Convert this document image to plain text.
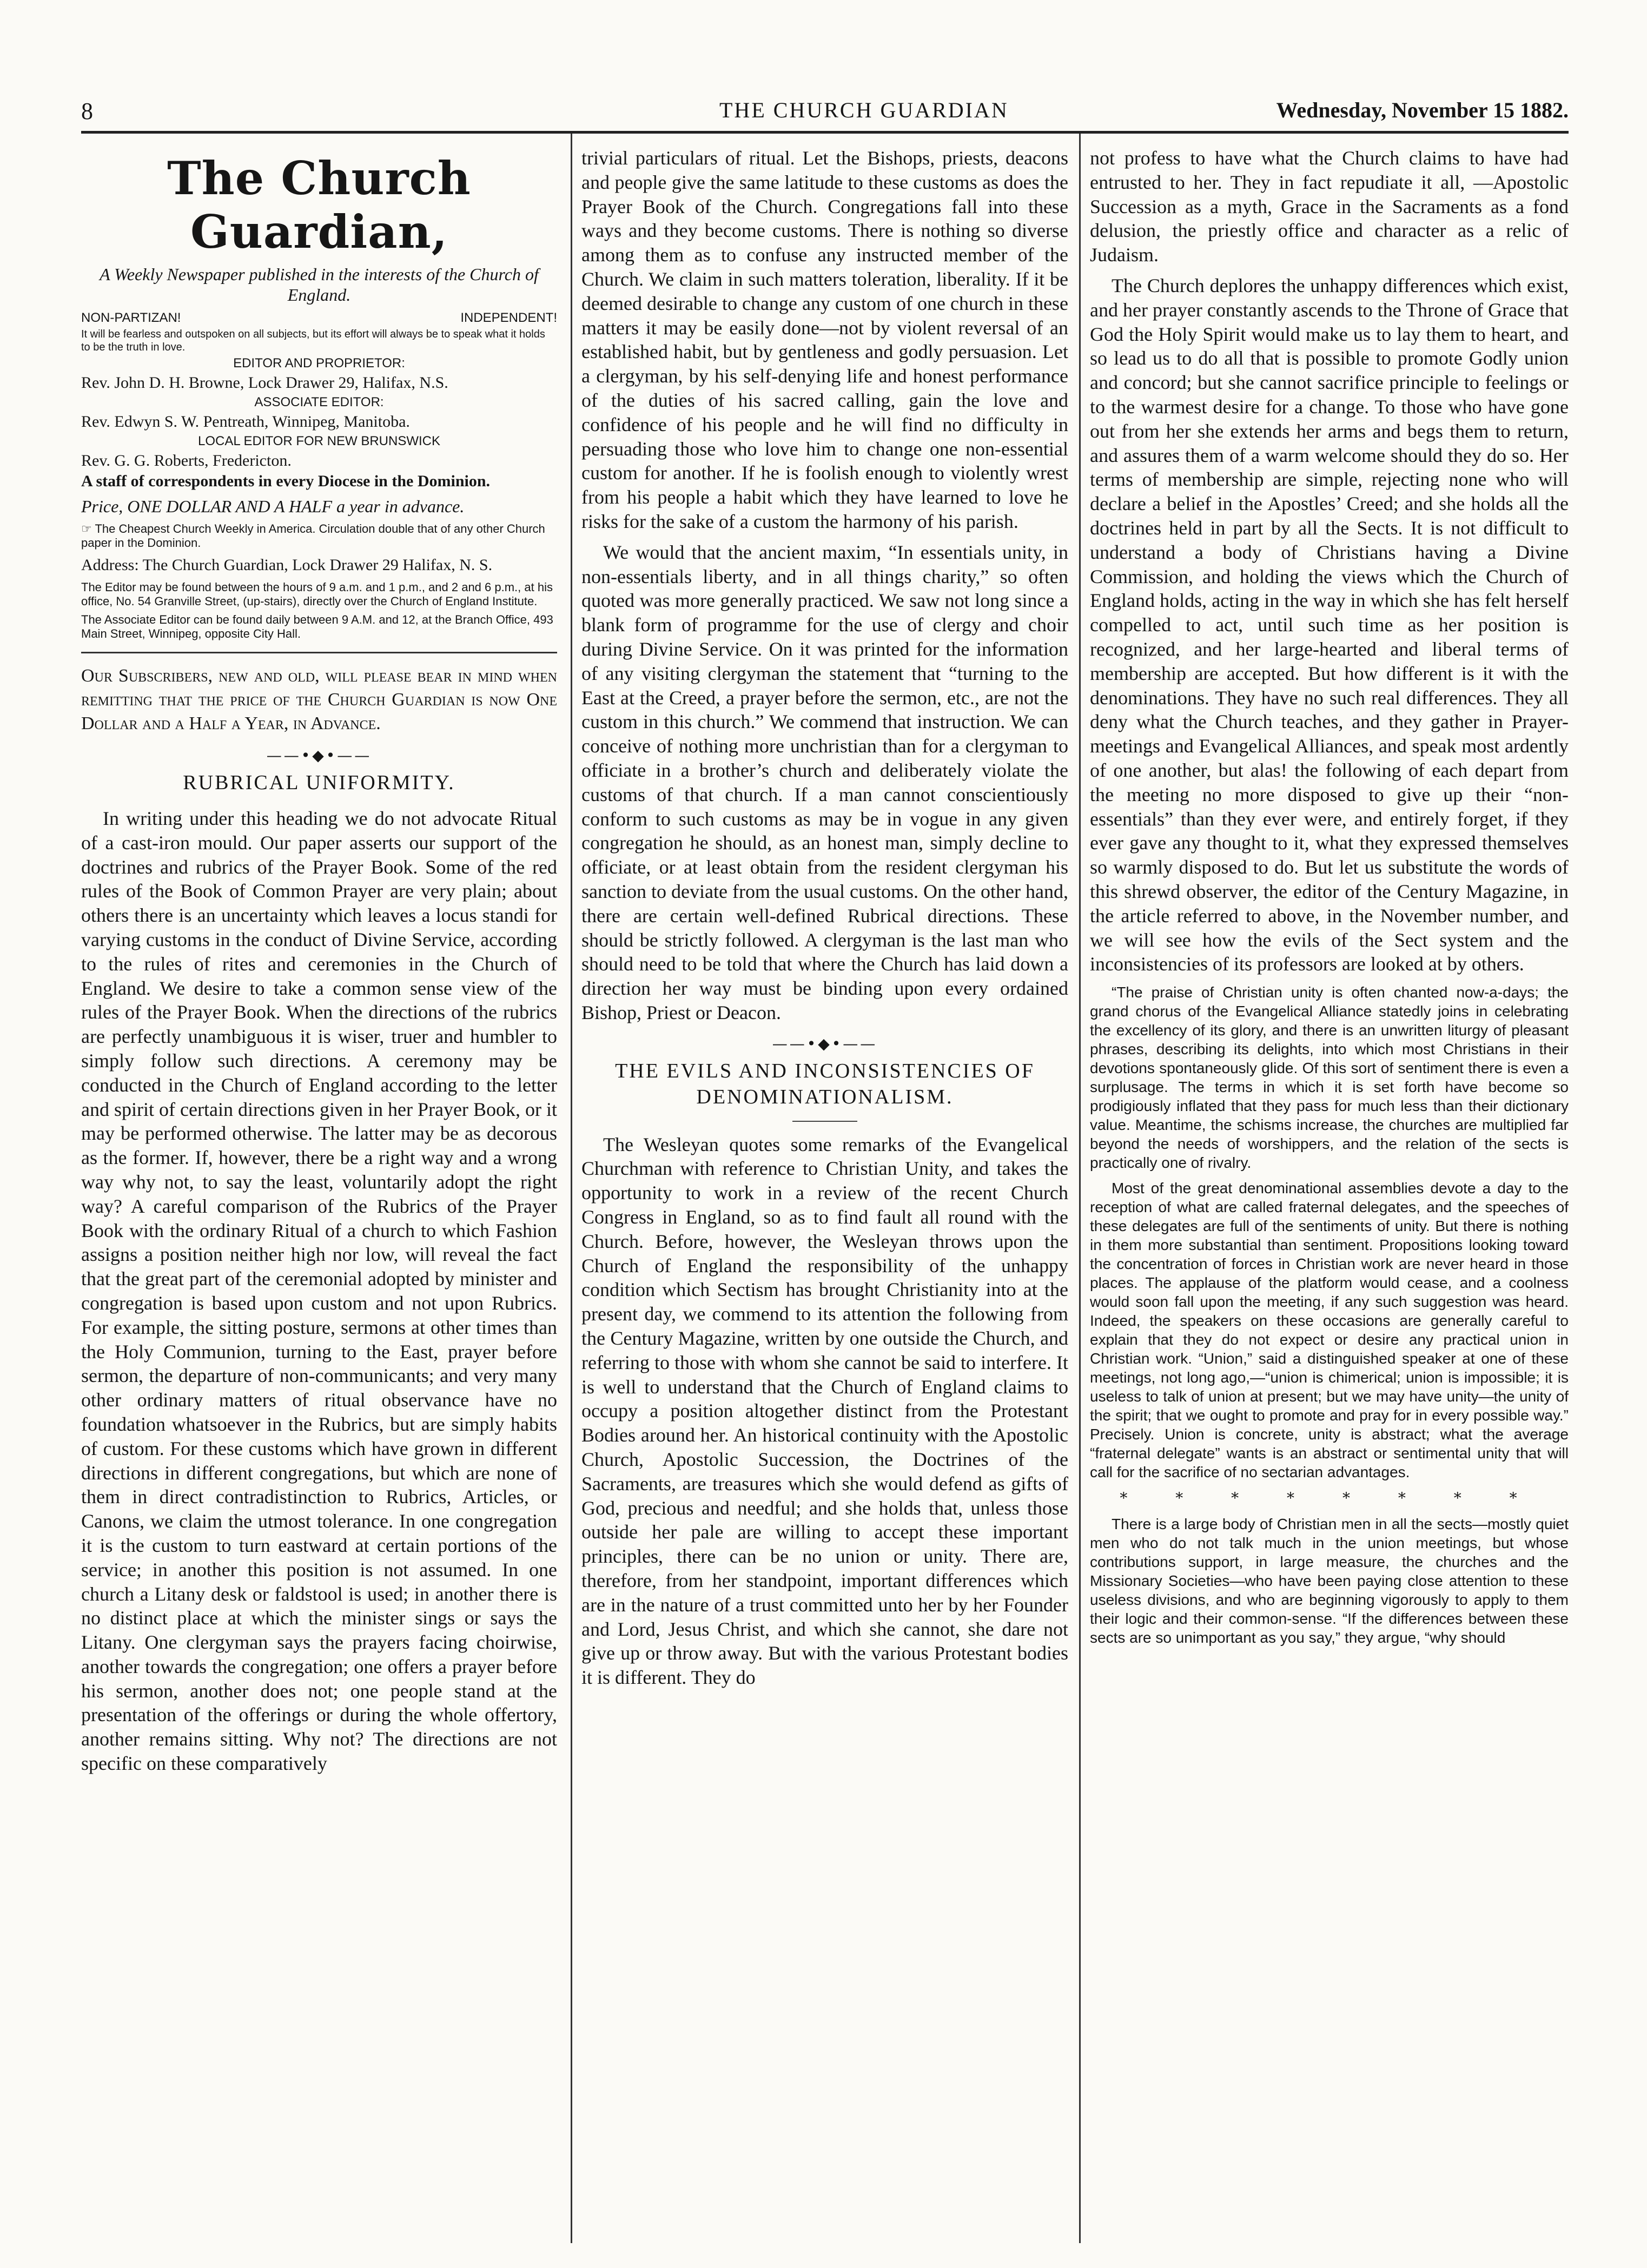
8	THE CHURCH GUARDIAN	Wednesday, November 15 1882.
The Church Guardian,
A Weekly Newspaper published in the interests of the Church of England.
NON-PARTIZAN!	INDEPENDENT!
It will be fearless and outspoken on all subjects, but its effort will always be to speak what it holds to be the truth in love.
EDITOR AND PROPRIETOR:
Rev. John D. H. Browne, Lock Drawer 29, Halifax, N.S.
ASSOCIATE EDITOR:
Rev. Edwyn S. W. Pentreath, Winnipeg, Manitoba.
LOCAL EDITOR FOR NEW BRUNSWICK
Rev. G. G. Roberts, Fredericton.
A staff of correspondents in every Diocese in the Dominion.
Price, ONE DOLLAR AND A HALF a year in advance.
☞ The Cheapest Church Weekly in America. Circulation double that of any other Church paper in the Dominion.
Address: The Church Guardian, Lock Drawer 29 Halifax, N. S.
The Editor may be found between the hours of 9 a.m. and 1 p.m., and 2 and 6 p.m., at his office, No. 54 Granville Street, (up-stairs), directly over the Church of England Institute.
The Associate Editor can be found daily between 9 A.M. and 12, at the Branch Office, 493 Main Street, Winnipeg, opposite City Hall.
Our Subscribers, new and old, will please bear in mind when remitting that the price of the Church Guardian is now One Dollar and a Half a Year, in Advance.
——•◆•——
RUBRICAL UNIFORMITY.

In writing under this heading we do not advocate Ritual of a cast-iron mould. Our paper asserts our support of the doctrines and rubrics of the Prayer Book. Some of the red rules of the Book of Common Prayer are very plain; about others there is an uncertainty which leaves a locus standi for varying customs in the conduct of Divine Service, according to the rules of rites and ceremonies in the Church of England. We desire to take a common sense view of the rules of the Prayer Book. When the directions of the rubrics are perfectly unambiguous it is wiser, truer and humbler to simply follow such directions. A ceremony may be conducted in the Church of England according to the letter and spirit of certain directions given in her Prayer Book, or it may be performed otherwise. The latter may be as decorous as the former. If, however, there be a right way and a wrong way why not, to say the least, voluntarily adopt the right way? A careful comparison of the Rubrics of the Prayer Book with the ordinary Ritual of a church to which Fashion assigns a position neither high nor low, will reveal the fact that the great part of the ceremonial adopted by minister and congregation is based upon custom and not upon Rubrics. For example, the sitting posture, sermons at other times than the Holy Communion, turning to the East, prayer before sermon, the departure of non-communicants; and very many other ordinary matters of ritual observance have no foundation whatsoever in the Rubrics, but are simply habits of custom. For these customs which have grown in different directions in different congregations, but which are none of them in direct contradistinction to Rubrics, Articles, or Canons, we claim the utmost tolerance. In one congregation it is the custom to turn eastward at certain portions of the service; in another this position is not assumed. In one church a Litany desk or faldstool is used; in another there is no distinct place at which the minister sings or says the Litany. One clergyman says the prayers facing choirwise, another towards the congregation; one offers a prayer before his sermon, another does not; one people stand at the presentation of the offerings or during the whole offertory, another remains sitting. Why not? The directions are not specific on these comparatively

trivial particulars of ritual. Let the Bishops, priests, deacons and people give the same latitude to these customs as does the Prayer Book of the Church. Congregations fall into these ways and they become customs. There is nothing so diverse among them as to confuse any instructed member of the Church. We claim in such matters toleration, liberality. If it be deemed desirable to change any custom of one church in these matters it may be easily done—not by violent reversal of an established habit, but by gentleness and godly persuasion. Let a clergyman, by his self-denying life and honest performance of the duties of his sacred calling, gain the love and confidence of his people and he will find no difficulty in persuading those who love him to change one non-essential custom for another. If he is foolish enough to violently wrest from his people a habit which they have learned to love he risks for the sake of a custom the harmony of his parish.

We would that the ancient maxim, “In essentials unity, in non-essentials liberty, and in all things charity,” so often quoted was more generally practiced. We saw not long since a blank form of programme for the use of clergy and choir during Divine Service. On it was printed for the information of any visiting clergyman the statement that “turning to the East at the Creed, a prayer before the sermon, etc., are not the custom in this church.” We commend that instruction. We can conceive of nothing more unchristian than for a clergyman to officiate in a brother’s church and deliberately violate the customs of that church. If a man cannot conscientiously conform to such customs as may be in vogue in any given congregation he should, as an honest man, simply decline to officiate, or at least obtain from the resident clergyman his sanction to deviate from the usual customs. On the other hand, there are certain well-defined Rubrical directions. These should be strictly followed. A clergyman is the last man who should need to be told that where the Church has laid down a direction her way must be binding upon every ordained Bishop, Priest or Deacon.

——•◆•——
THE EVILS AND INCONSISTENCIES OF DENOMINATIONALISM.

The Wesleyan quotes some remarks of the Evangelical Churchman with reference to Christian Unity, and takes the opportunity to work in a review of the recent Church Congress in England, so as to find fault all round with the Church. Before, however, the Wesleyan throws upon the Church of England the responsibility of the unhappy condition which Sectism has brought Christianity into at the present day, we commend to its attention the following from the Century Magazine, written by one outside the Church, and referring to those with whom she cannot be said to interfere. It is well to understand that the Church of England claims to occupy a position altogether distinct from the Protestant Bodies around her. An historical continuity with the Apostolic Church, Apostolic Succession, the Doctrines of the Sacraments, are treasures which she would defend as gifts of God, precious and needful; and she holds that, unless those outside her pale are willing to accept these important principles, there can be no union or unity. There are, therefore, from her standpoint, important differences which are in the nature of a trust committed unto her by her Founder and Lord, Jesus Christ, and which she cannot, she dare not give up or throw away. But with the various Protestant bodies it is different. They do

not profess to have what the Church claims to have had entrusted to her. They in fact repudiate it all, —Apostolic Succession as a myth, Grace in the Sacraments as a fond delusion, the priestly office and character as a relic of Judaism.

The Church deplores the unhappy differences which exist, and her prayer constantly ascends to the Throne of Grace that God the Holy Spirit would make us to lay them to heart, and so lead us to do all that is possible to promote Godly union and concord; but she cannot sacrifice principle to feelings or to the warmest desire for a change. To those who have gone out from her she extends her arms and begs them to return, and assures them of a warm welcome should they do so. Her terms of membership are simple, rejecting none who will declare a belief in the Apostles’ Creed; and she holds all the doctrines held in part by all the Sects. It is not difficult to understand a body of Christians having a Divine Commission, and holding the views which the Church of England holds, acting in the way in which she has felt herself compelled to act, until such time as her position is recognized, and her large-hearted and liberal terms of membership are accepted. But how different is it with the denominations. They have no such real differences. They all deny what the Church teaches, and they gather in Prayer-meetings and Evangelical Alliances, and speak most ardently of one another, but alas! the following of each depart from the meeting no more disposed to give up their “non-essentials” than they ever were, and entirely forget, if they ever gave any thought to it, what they expressed themselves so warmly disposed to do. But let us substitute the words of this shrewd observer, the editor of the Century Magazine, in the article referred to above, in the November number, and we will see how the evils of the Sect system and the inconsistencies of its professors are looked at by others.

“The praise of Christian unity is often chanted now-a-days; the grand chorus of the Evangelical Alliance statedly joins in celebrating the excellency of its glory, and there is an unwritten liturgy of pleasant phrases, describing its delights, into which most Christians in their devotions spontaneously glide. Of this sort of sentiment there is even a surplusage. The terms in which it is set forth have become so prodigiously inflated that they pass for much less than their dictionary value. Meantime, the schisms increase, the churches are multiplied far beyond the needs of worshippers, and the relation of the sects is practically one of rivalry.

Most of the great denominational assemblies devote a day to the reception of what are called fraternal delegates, and the speeches of these delegates are full of the sentiments of unity. But there is nothing in them more substantial than sentiment. Propositions looking toward the concentration of forces in Christian work are never heard in those places. The applause of the platform would cease, and a coolness would soon fall upon the meeting, if any such suggestion was heard. Indeed, the speakers on these occasions are generally careful to explain that they do not expect or desire any practical union in Christian work. “Union,” said a distinguished speaker at one of these meetings, not long ago,—“union is chimerical; union is impossible; it is useless to talk of union at present; but we may have unity—the unity of the spirit; that we ought to promote and pray for in every possible way.” Precisely. Union is concrete, unity is abstract; what the average “fraternal delegate” wants is an abstract or sentimental unity that will call for the sacrifice of no sectarian advantages.

* * * * * * * *

There is a large body of Christian men in all the sects—mostly quiet men who do not talk much in the union meetings, but whose contributions support, in large measure, the churches and the Missionary Societies—who have been paying close attention to these useless divisions, and who are beginning vigorously to apply to them their logic and their common-sense. “If the differences between these sects are so unimportant as you say,” they argue, “why should
